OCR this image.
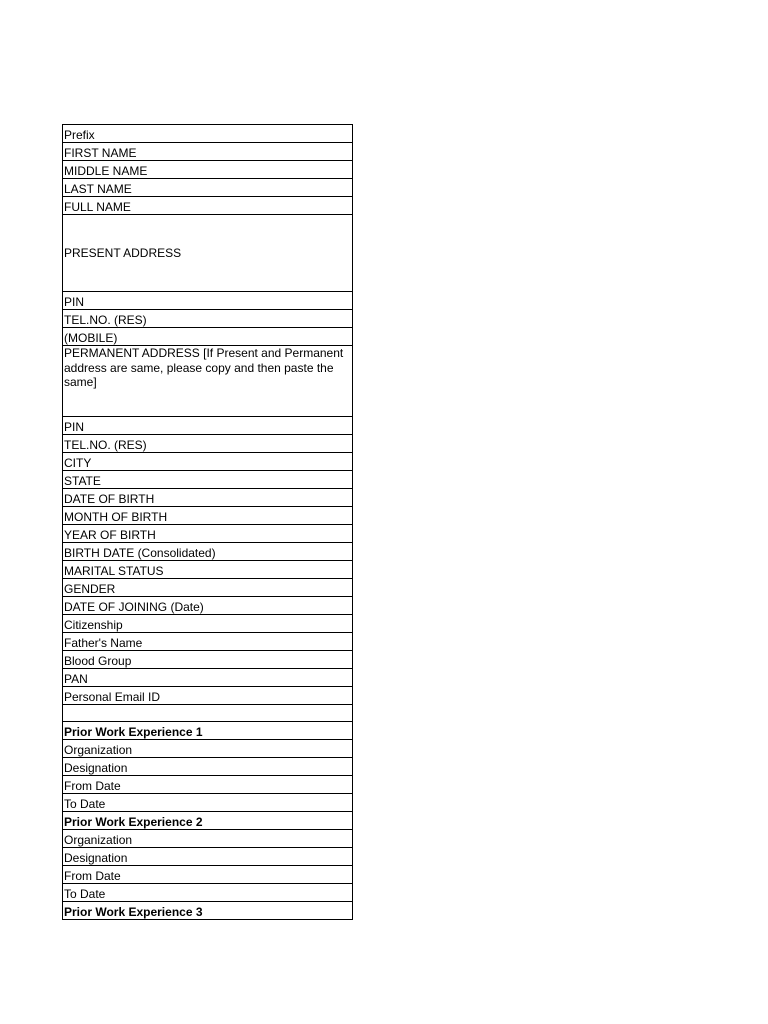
Prefix
FIRST NAME
MIDDLE NAME
LAST NAME
FULL NAME
PRESENT ADDRESS
PIN
TEL.NO. (RES)
(MOBILE)
PERMANENT ADDRESS [If Present and Permanent address are same, please copy and then paste the same]
PIN
TEL.NO. (RES)
CITY
STATE
DATE OF BIRTH
MONTH OF BIRTH
YEAR OF BIRTH
BIRTH DATE (Consolidated)
MARITAL STATUS
GENDER
DATE OF JOINING (Date)
Citizenship
Father's Name
Blood Group
PAN
Personal Email ID

Prior Work Experience 1
Organization
Designation
From Date
To Date
Prior Work Experience 2
Organization
Designation
From Date
To Date
Prior Work Experience 3
